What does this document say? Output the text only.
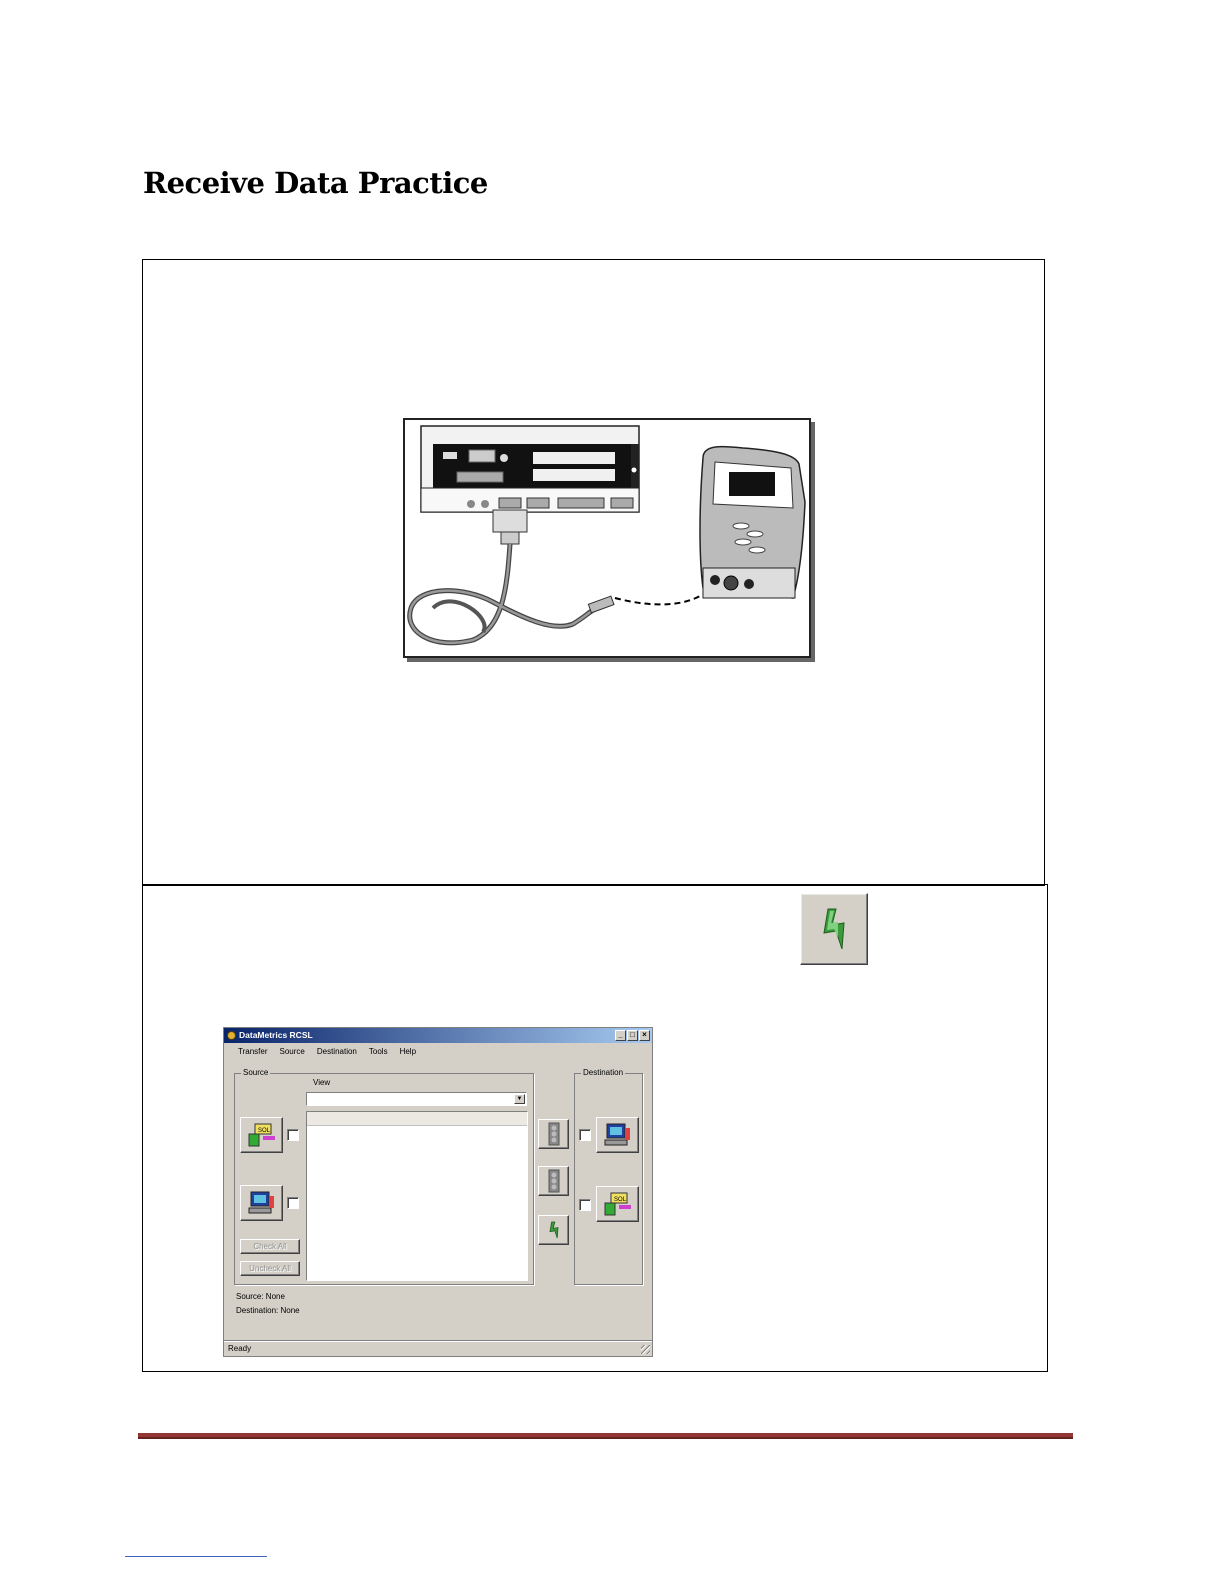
Receive Data Practice
DataMetrics RCSL	_ □ ×
Transfer	Source	Destination	Tools	Help
Source	Destination
View
▼
SOL
Check All
Uncheck All
SOL
Source: None
Destination: None
Ready
